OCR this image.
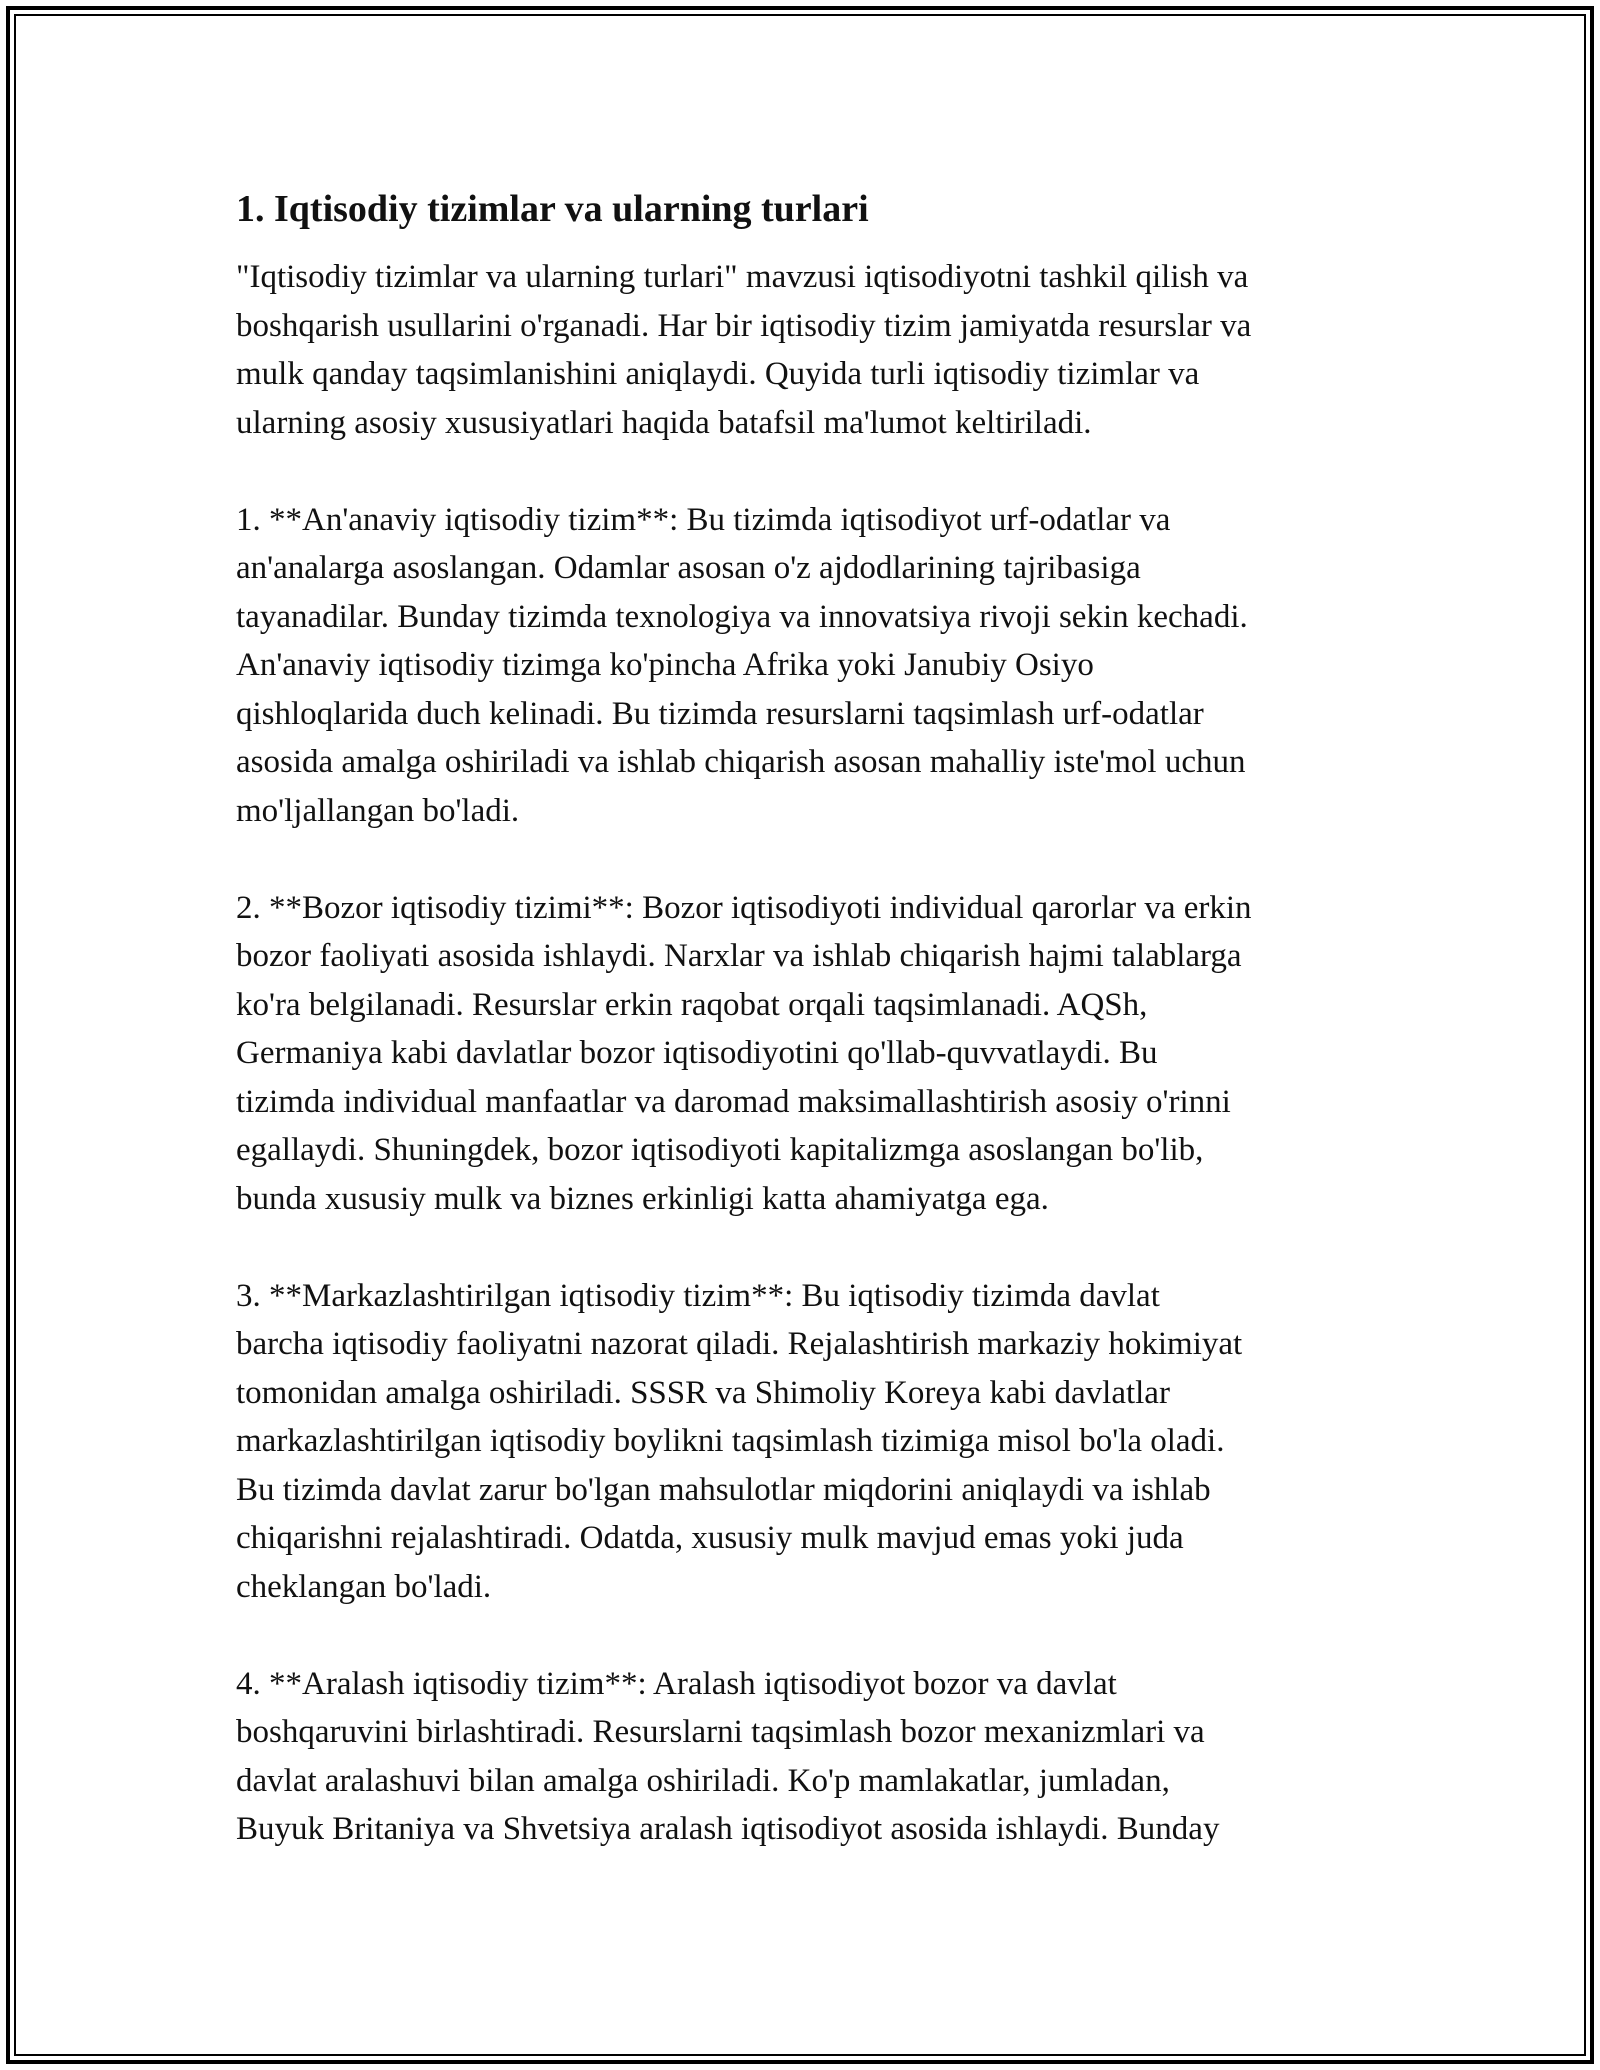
1. Iqtisodiy tizimlar va ularning turlari

"Iqtisodiy tizimlar va ularning turlari" mavzusi iqtisodiyotni tashkil qilish va
boshqarish usullarini o'rganadi. Har bir iqtisodiy tizim jamiyatda resurslar va
mulk qanday taqsimlanishini aniqlaydi. Quyida turli iqtisodiy tizimlar va
ularning asosiy xususiyatlari haqida batafsil ma'lumot keltiriladi.

1. **An'anaviy iqtisodiy tizim**: Bu tizimda iqtisodiyot urf-odatlar va
an'analarga asoslangan. Odamlar asosan o'z ajdodlarining tajribasiga
tayanadilar. Bunday tizimda texnologiya va innovatsiya rivoji sekin kechadi.
An'anaviy iqtisodiy tizimga ko'pincha Afrika yoki Janubiy Osiyo
qishloqlarida duch kelinadi. Bu tizimda resurslarni taqsimlash urf-odatlar
asosida amalga oshiriladi va ishlab chiqarish asosan mahalliy iste'mol uchun
mo'ljallangan bo'ladi.

2. **Bozor iqtisodiy tizimi**: Bozor iqtisodiyoti individual qarorlar va erkin
bozor faoliyati asosida ishlaydi. Narxlar va ishlab chiqarish hajmi talablarga
ko'ra belgilanadi. Resurslar erkin raqobat orqali taqsimlanadi. AQSh,
Germaniya kabi davlatlar bozor iqtisodiyotini qo'llab-quvvatlaydi. Bu
tizimda individual manfaatlar va daromad maksimallashtirish asosiy o'rinni
egallaydi. Shuningdek, bozor iqtisodiyoti kapitalizmga asoslangan bo'lib,
bunda xususiy mulk va biznes erkinligi katta ahamiyatga ega.

3. **Markazlashtirilgan iqtisodiy tizim**: Bu iqtisodiy tizimda davlat
barcha iqtisodiy faoliyatni nazorat qiladi. Rejalashtirish markaziy hokimiyat
tomonidan amalga oshiriladi. SSSR va Shimoliy Koreya kabi davlatlar
markazlashtirilgan iqtisodiy boylikni taqsimlash tizimiga misol bo'la oladi.
Bu tizimda davlat zarur bo'lgan mahsulotlar miqdorini aniqlaydi va ishlab
chiqarishni rejalashtiradi. Odatda, xususiy mulk mavjud emas yoki juda
cheklangan bo'ladi.

4. **Aralash iqtisodiy tizim**: Aralash iqtisodiyot bozor va davlat
boshqaruvini birlashtiradi. Resurslarni taqsimlash bozor mexanizmlari va
davlat aralashuvi bilan amalga oshiriladi. Ko'p mamlakatlar, jumladan,
Buyuk Britaniya va Shvetsiya aralash iqtisodiyot asosida ishlaydi. Bunday
